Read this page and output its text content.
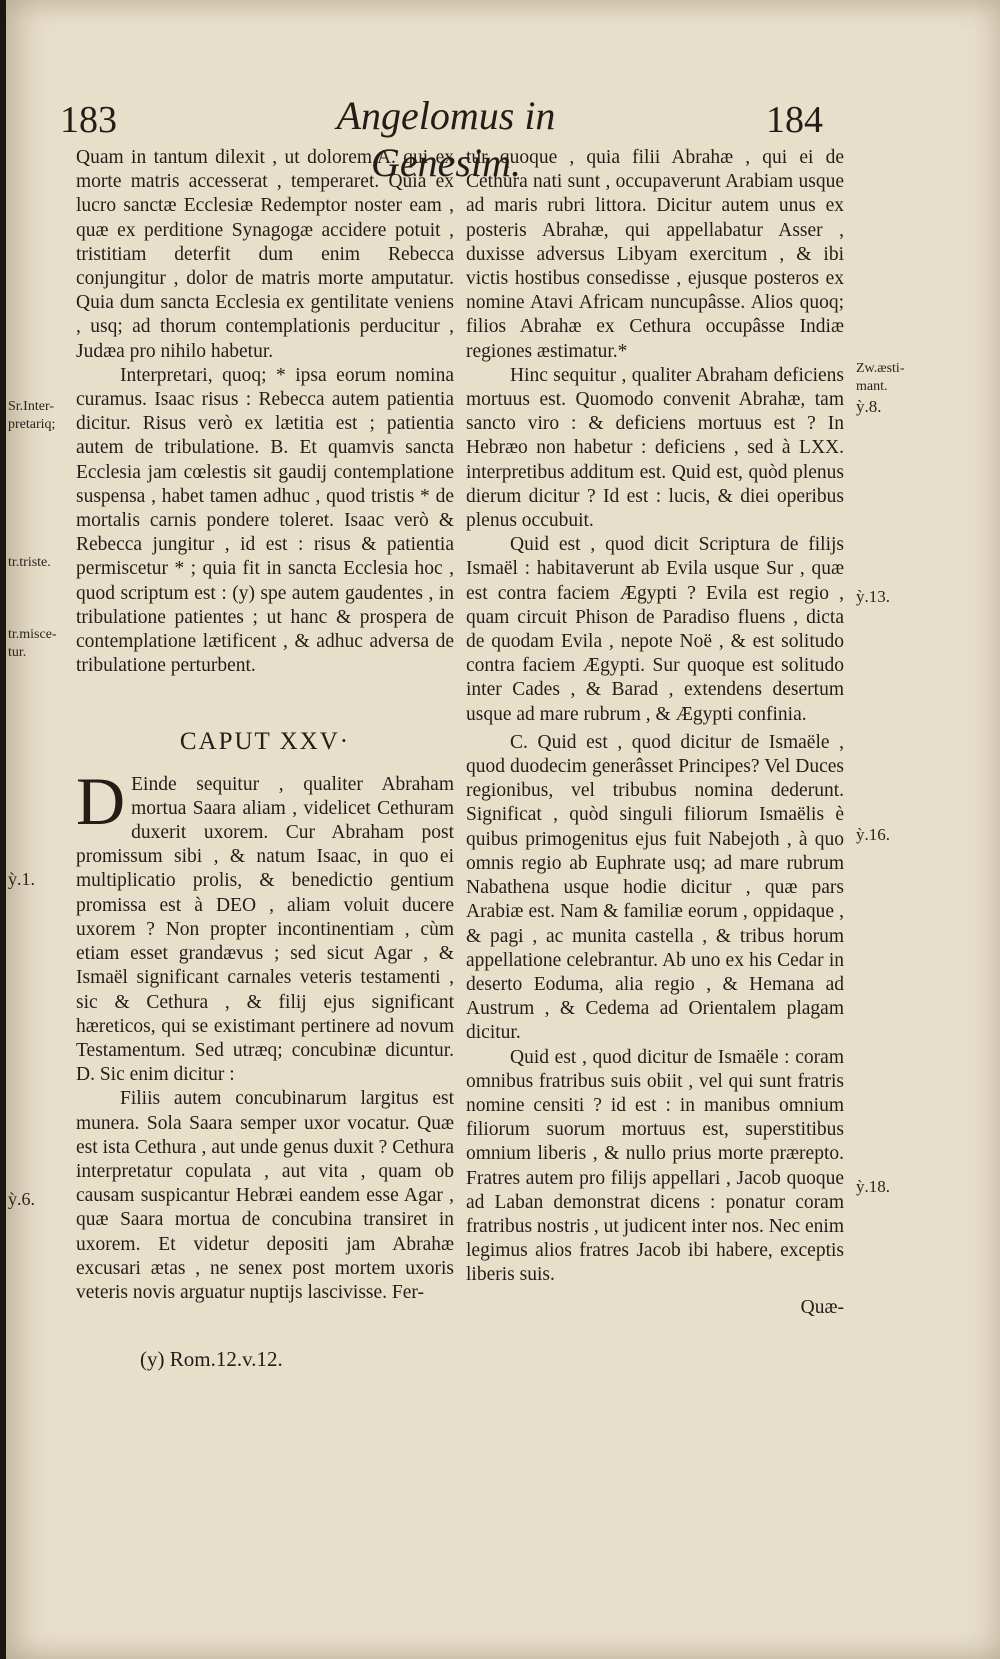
183	Angelomus in Genesim.
184

Quam in tantum dilexit , ut dolorem,A. qui ex morte matris accesserat , temperaret. Quia ex lucro sanctæ Ecclesiæ Redemptor noster eam , quæ ex perditione Synagogæ accidere potuit , tristitiam deterfit dum enim Rebecca conjungitur , dolor de matris morte amputatur. Quia dum sancta Ecclesia ex gentilitate veniens , usq; ad thorum contemplationis perducitur , Judæa pro nihilo habetur.

Interpretari, quoq; * ipsa eorum nomina curamus. Isaac risus : Rebecca autem patientia dicitur. Risus verò ex lætitia est ; patientia autem de tribulatione. B. Et quamvis sancta Ecclesia jam cœlestis sit gaudij contemplatione suspensa , habet tamen adhuc , quod tristis * de mortalis carnis pondere toleret. Isaac verò & Rebecca jungitur , id est : risus & patientia permiscetur * ; quia fit in sancta Ecclesia hoc , quod scriptum est : (y) spe autem gaudentes , in tribulatione patientes ; ut hanc & prospera de contemplatione lætificent , & adhuc adversa de tribulatione perturbent.

CAPUT XXV·

D Einde sequitur , qualiter Abraham mortua Saara aliam , videlicet Cethuram duxerit uxorem. Cur Abraham post promissum sibi , & natum Isaac, in quo ei multiplicatio prolis, & benedictio gentium promissa est à DEO , aliam voluit ducere uxorem ? Non propter incontinentiam , cùm etiam esset grandævus ; sed sicut Agar , & Ismaël significant carnales veteris testamenti , sic & Cethura , & filij ejus significant hæreticos, qui se existimant pertinere ad novum Testamentum. Sed utræq; concubinæ dicuntur. D. Sic enim dicitur :

Filiis autem concubinarum largitus est munera. Sola Saara semper uxor vocatur. Quæ est ista Cethura , aut unde genus duxit ? Cethura interpretatur copulata , aut vita , quam ob causam suspicantur Hebræi eandem esse Agar , quæ Saara mortua de concubina transiret in uxorem. Et videtur depositi jam Abrahæ excusari ætas , ne senex post mortem uxoris veteris novis arguatur nuptijs lascivisse. Fer-

(y) Rom.12.v.12.

tur quoque , quia filii Abrahæ , qui ei de Cethura nati sunt , occupaverunt Arabiam usque ad maris rubri littora. Dicitur autem unus ex posteris Abrahæ, qui appellabatur Asser , duxisse adversus Libyam exercitum , & ibi victis hostibus consedisse , ejusque posteros ex nomine Atavi Africam nuncupâsse. Alios quoq; filios Abrahæ ex Cethura occupâsse Indiæ regiones æstimatur.*

Hinc sequitur , qualiter Abraham deficiens mortuus est. Quomodo convenit Abrahæ, tam sancto viro : & deficiens mortuus est ? In Hebræo non habetur : deficiens , sed à LXX. interpretibus additum est. Quid est, quòd plenus dierum dicitur ? Id est : lucis, & diei operibus plenus occubuit.

Quid est , quod dicit Scriptura de filijs Ismaël : habitaverunt ab Evila usque Sur , quæ est contra faciem Ægypti ? Evila est regio , quam circuit Phison de Paradiso fluens , dicta de quodam Evila , nepote Noë , & est solitudo contra faciem Ægypti. Sur quoque est solitudo inter Cades , & Barad , extendens desertum usque ad mare rubrum , & Ægypti confinia.

C. Quid est , quod dicitur de Ismaële , quod duodecim generâsset Principes? Vel Duces regionibus, vel tribubus nomina dederunt. Significat , quòd singuli filiorum Ismaëlis è quibus primogenitus ejus fuit Nabejoth , à quo omnis regio ab Euphrate usq; ad mare rubrum Nabathena usque hodie dicitur , quæ pars Arabiæ est. Nam & familiæ eorum , oppidaque , & pagi , ac munita castella , & tribus horum appellatione celebrantur. Ab uno ex his Cedar in deserto Eoduma, alia regio , & Hemana ad Austrum , & Cedema ad Orientalem plagam dicitur.

Quid est , quod dicitur de Ismaële : coram omnibus fratribus suis obiit , vel qui sunt fratris nomine censiti ? id est : in manibus omnium filiorum suorum mortuus est, superstitibus omnium liberis , & nullo prius morte prærepto. Fratres autem pro filijs appellari , Jacob quoque ad Laban demonstrat dicens : ponatur coram fratribus nostris , ut judicent inter nos. Nec enim legimus alios fratres Jacob ibi habere, exceptis liberis suis.

Quæ-
Sr.Inter-
pretariq;
tr.triste.
tr.misce-
tur.
ỳ.1.
ỳ.6.
Zw.æsti-
mant.
ỳ.8.
ỳ.13.
ỳ.16.
ỳ.18.
